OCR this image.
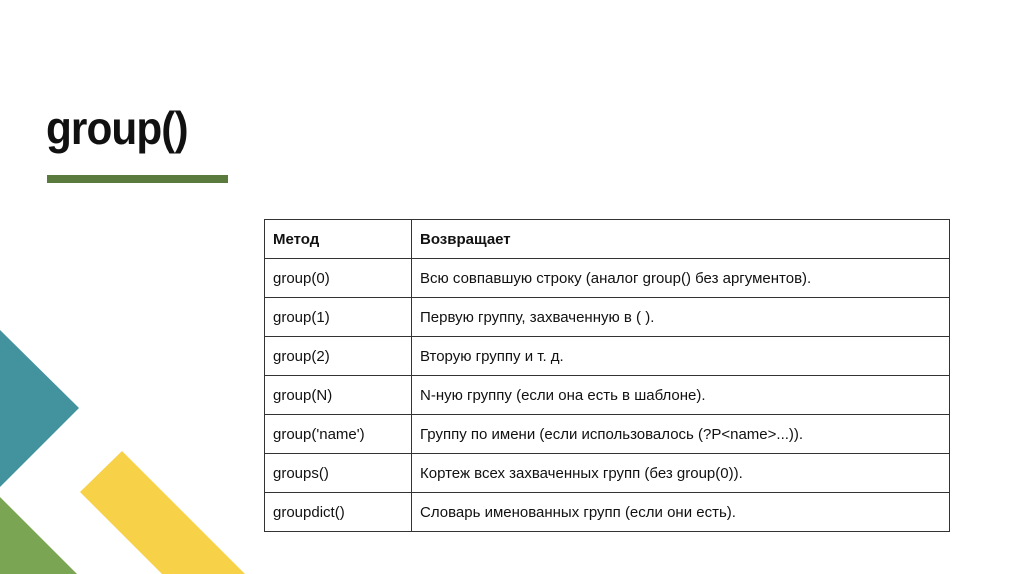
group()
Метод	Возвращает
group(0)	Всю совпавшую строку (аналог group() без аргументов).
group(1)	Первую группу, захваченную в ( ).
group(2)	Вторую группу и т. д.
group(N)	N-ную группу (если она есть в шаблоне).
group('name')	Группу по имени (если использовалось (?P<name>...)).
groups()	Кортеж всех захваченных групп (без group(0)).
groupdict()	Словарь именованных групп (если они есть).
